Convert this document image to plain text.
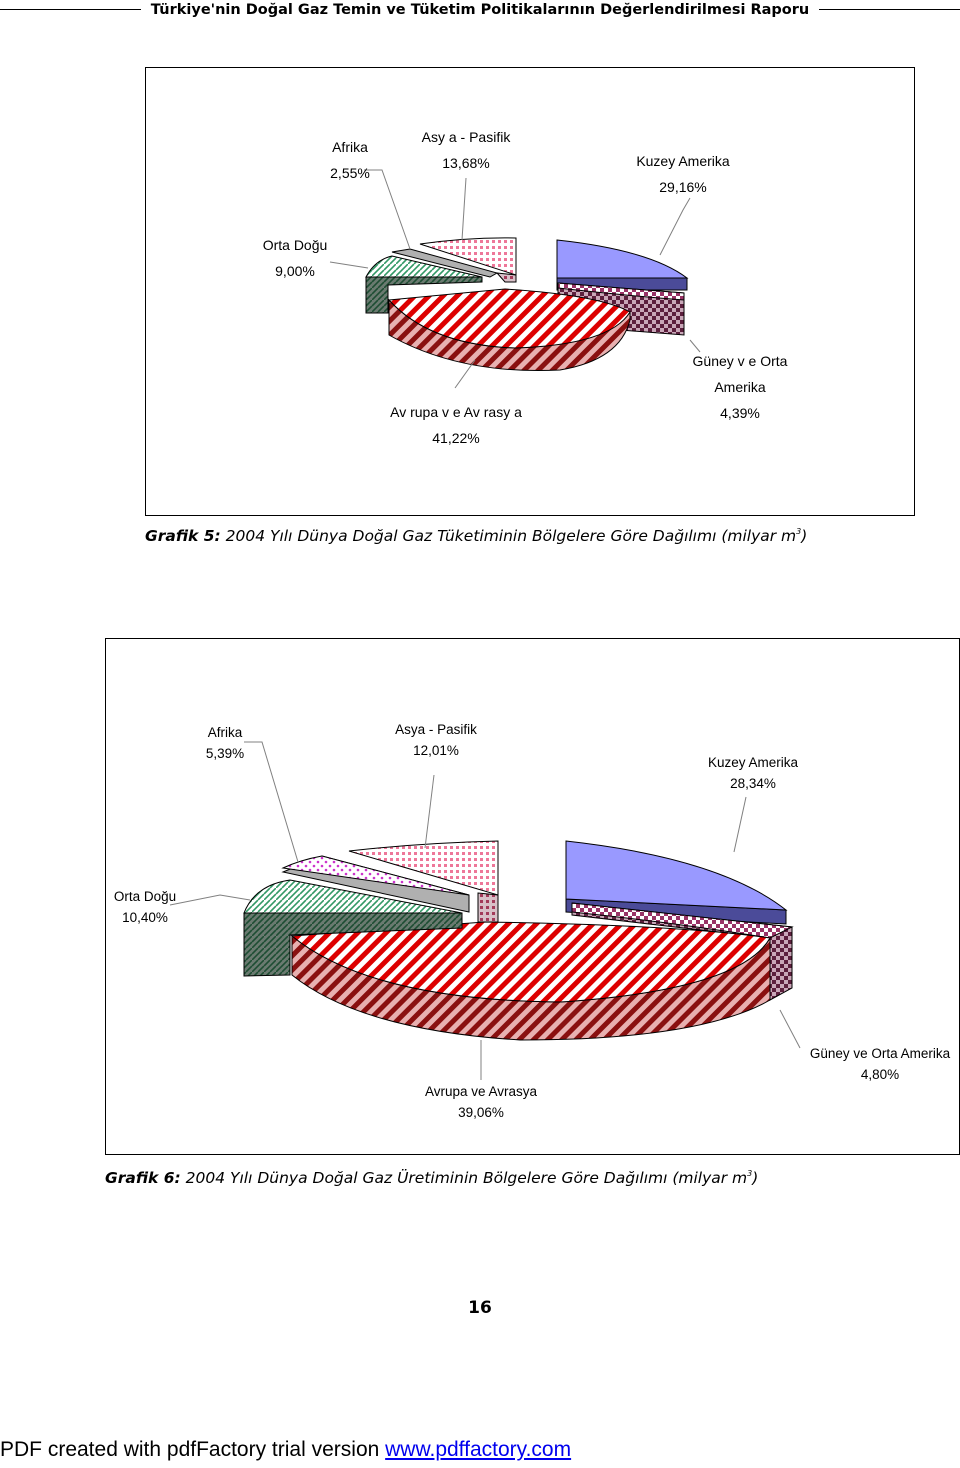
Türkiye'nin Doğal Gaz Temin ve Tüketim Politikalarının Değerlendirilmesi Raporu
Afrika
2,55%
Asy a - Pasifik
13,68%	Kuzey Amerika
29,16%
Orta Doğu
9,00%
Güney v e Orta
Amerika
4,39%
Av rupa v e Av rasy a
41,22%
Grafik 5: 2004 Yılı Dünya Doğal Gaz Tüketiminin Bölgelere Göre Dağılımı (milyar $m^3$)
Afrika
5,39%
Asya - Pasifik
12,01%
Kuzey Amerika
28,34%
Orta Doğu
10,40%
Güney ve Orta Amerika
4,80%
Avrupa ve Avrasya
39,06%
Grafik 6: 2004 Yılı Dünya Doğal Gaz Üretiminin Bölgelere Göre Dağılımı (milyar $m^3$)
16
PDF created with pdfFactory trial version www.pdffactory.com
